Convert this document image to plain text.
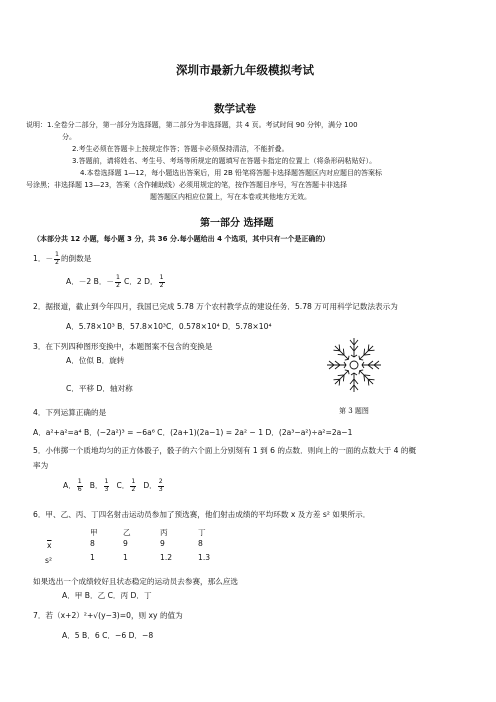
深圳市最新九年级模拟考试
数学试卷
说明：1.全卷分二部分，第一部分为选择题，第二部分为非选择题，共 4 页。考试时间 90 分钟，满分 100
分。
2.考生必须在答题卡上按规定作答；答题卡必须保持清洁，不能折叠。
3.答题前，请将姓名、考生号、考场等所规定的题填写在答题卡指定的位置上（将条形码粘贴好）。
4.本卷选择题 1—12，每小题选出答案后，用 2B 铅笔将答题卡选择题答题区内对应题目的答案标
号涂黑；非选择题 13—23，答案（含作辅助线）必须用规定的笔，按作答题目序号，写在答题卡非选择
题答题区内相应位置上，写在本卷或其他地方无效。
第一部分 选择题
（本部分共 12 小题，每小题 3 分，共 36 分.每小题给出 4 个选项，其中只有一个是正确的）
1． － $\frac{1}{2}$ 的倒数是
A．－2 B．－ $\frac{1}{2}$ C．2 D． $\frac{1}{2}$
2．据报道，截止到今年四月，我国已完成 5.78 万个农村教学点的建设任务．5.78 万可用科学记数法表示为
A．5.78×10³ B．57.8×10³C．0.578×10⁴ D．5.78×10⁴
3．在下列四种图形变换中，本题图案不包含的变换是
A．位似 B．旋转
C．平移 D．轴对称
第 3 题图
4．下列运算正确的是
A．a²+a²=a⁴ B．(−2a²)³ = −6a⁶ C．(2a+1)(2a−1) = 2a² − 1 D．(2a³−a²)÷a²=2a−1
5．小伟掷一个质地均匀的正方体骰子，骰子的六个面上分别刻有 1 到 6 的点数．则向上的一面的点数大于 4 的概
率为
A． $\frac{1}{6}$ B． $\frac{1}{3}$ C． $\frac{1}{2}$ D． $\frac{2}{3}$
6．甲、乙、丙、丁四名射击运动员参加了预选赛，他们射击成绩的平均环数 x 及方差 s² 如果所示．
甲	乙	丙	丁
$\overline{x}$	8	9	9	8
s²	1	1	1.2	1.3
如果选出一个成绩较好且状态稳定的运动员去参赛，那么应选
A．甲 B．乙 C．丙 D．丁
7．若（x+2）²+√(y−3)=0，则 xy 的值为
A．5 B．6 C．−6 D．−8
